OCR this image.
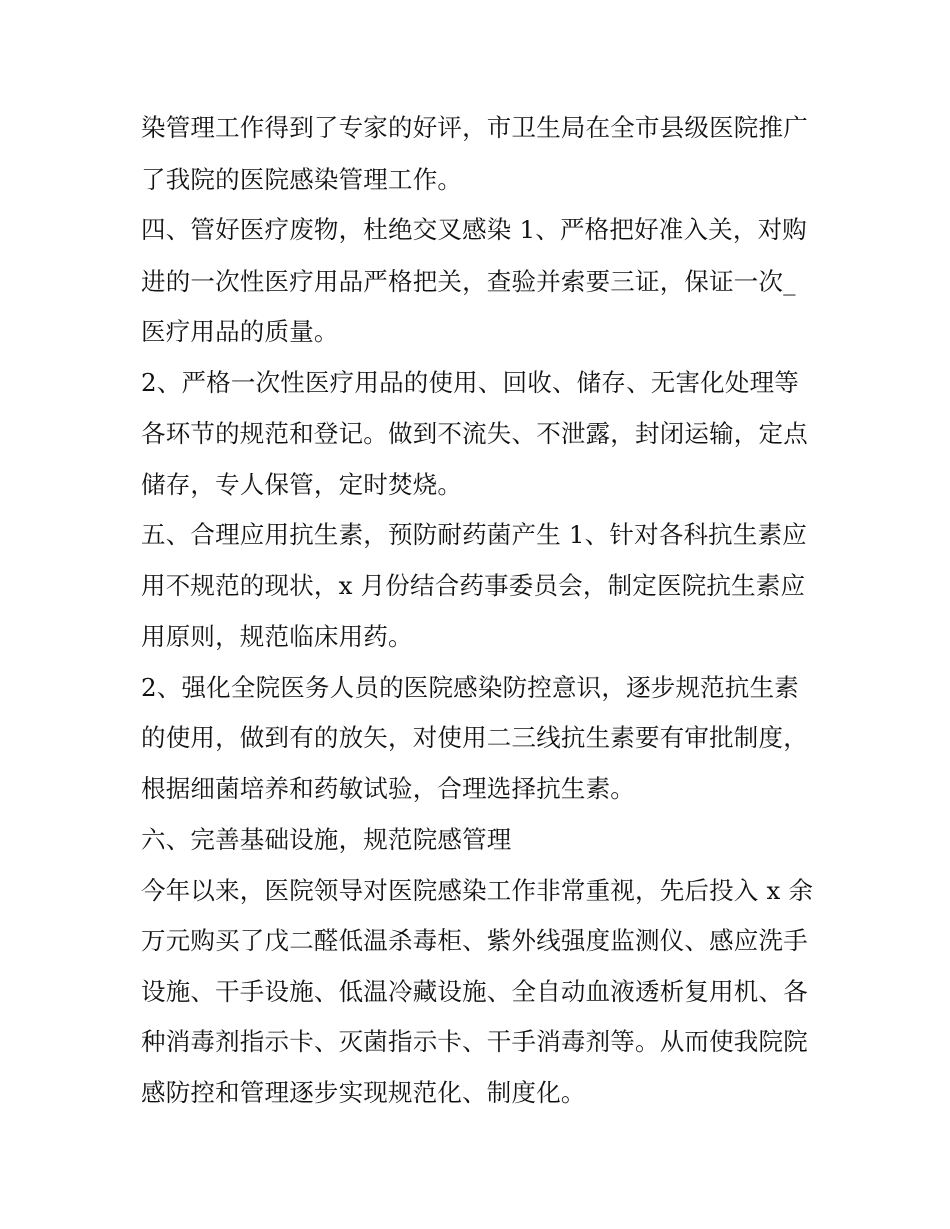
染管理工作得到了专家的好评，市卫生局在全市县级医院推广
了我院的医院感染管理工作。
四、管好医疗废物，杜绝交叉感染 1、严格把好准入关，对购
进的一次性医疗用品严格把关，查验并索要三证，保证一次_
医疗用品的质量。
2、严格一次性医疗用品的使用、回收、储存、无害化处理等
各环节的规范和登记。做到不流失、不泄露，封闭运输，定点
储存，专人保管，定时焚烧。
五、合理应用抗生素，预防耐药菌产生 1、针对各科抗生素应
用不规范的现状，x 月份结合药事委员会，制定医院抗生素应
用原则，规范临床用药。
2、强化全院医务人员的医院感染防控意识，逐步规范抗生素
的使用，做到有的放矢，对使用二三线抗生素要有审批制度，
根据细菌培养和药敏试验，合理选择抗生素。
六、完善基础设施，规范院感管理
今年以来，医院领导对医院感染工作非常重视，先后投入 x 余
万元购买了戊二醛低温杀毒柜、紫外线强度监测仪、感应洗手
设施、干手设施、低温冷藏设施、全自动血液透析复用机、各
种消毒剂指示卡、灭菌指示卡、干手消毒剂等。从而使我院院
感防控和管理逐步实现规范化、制度化。
